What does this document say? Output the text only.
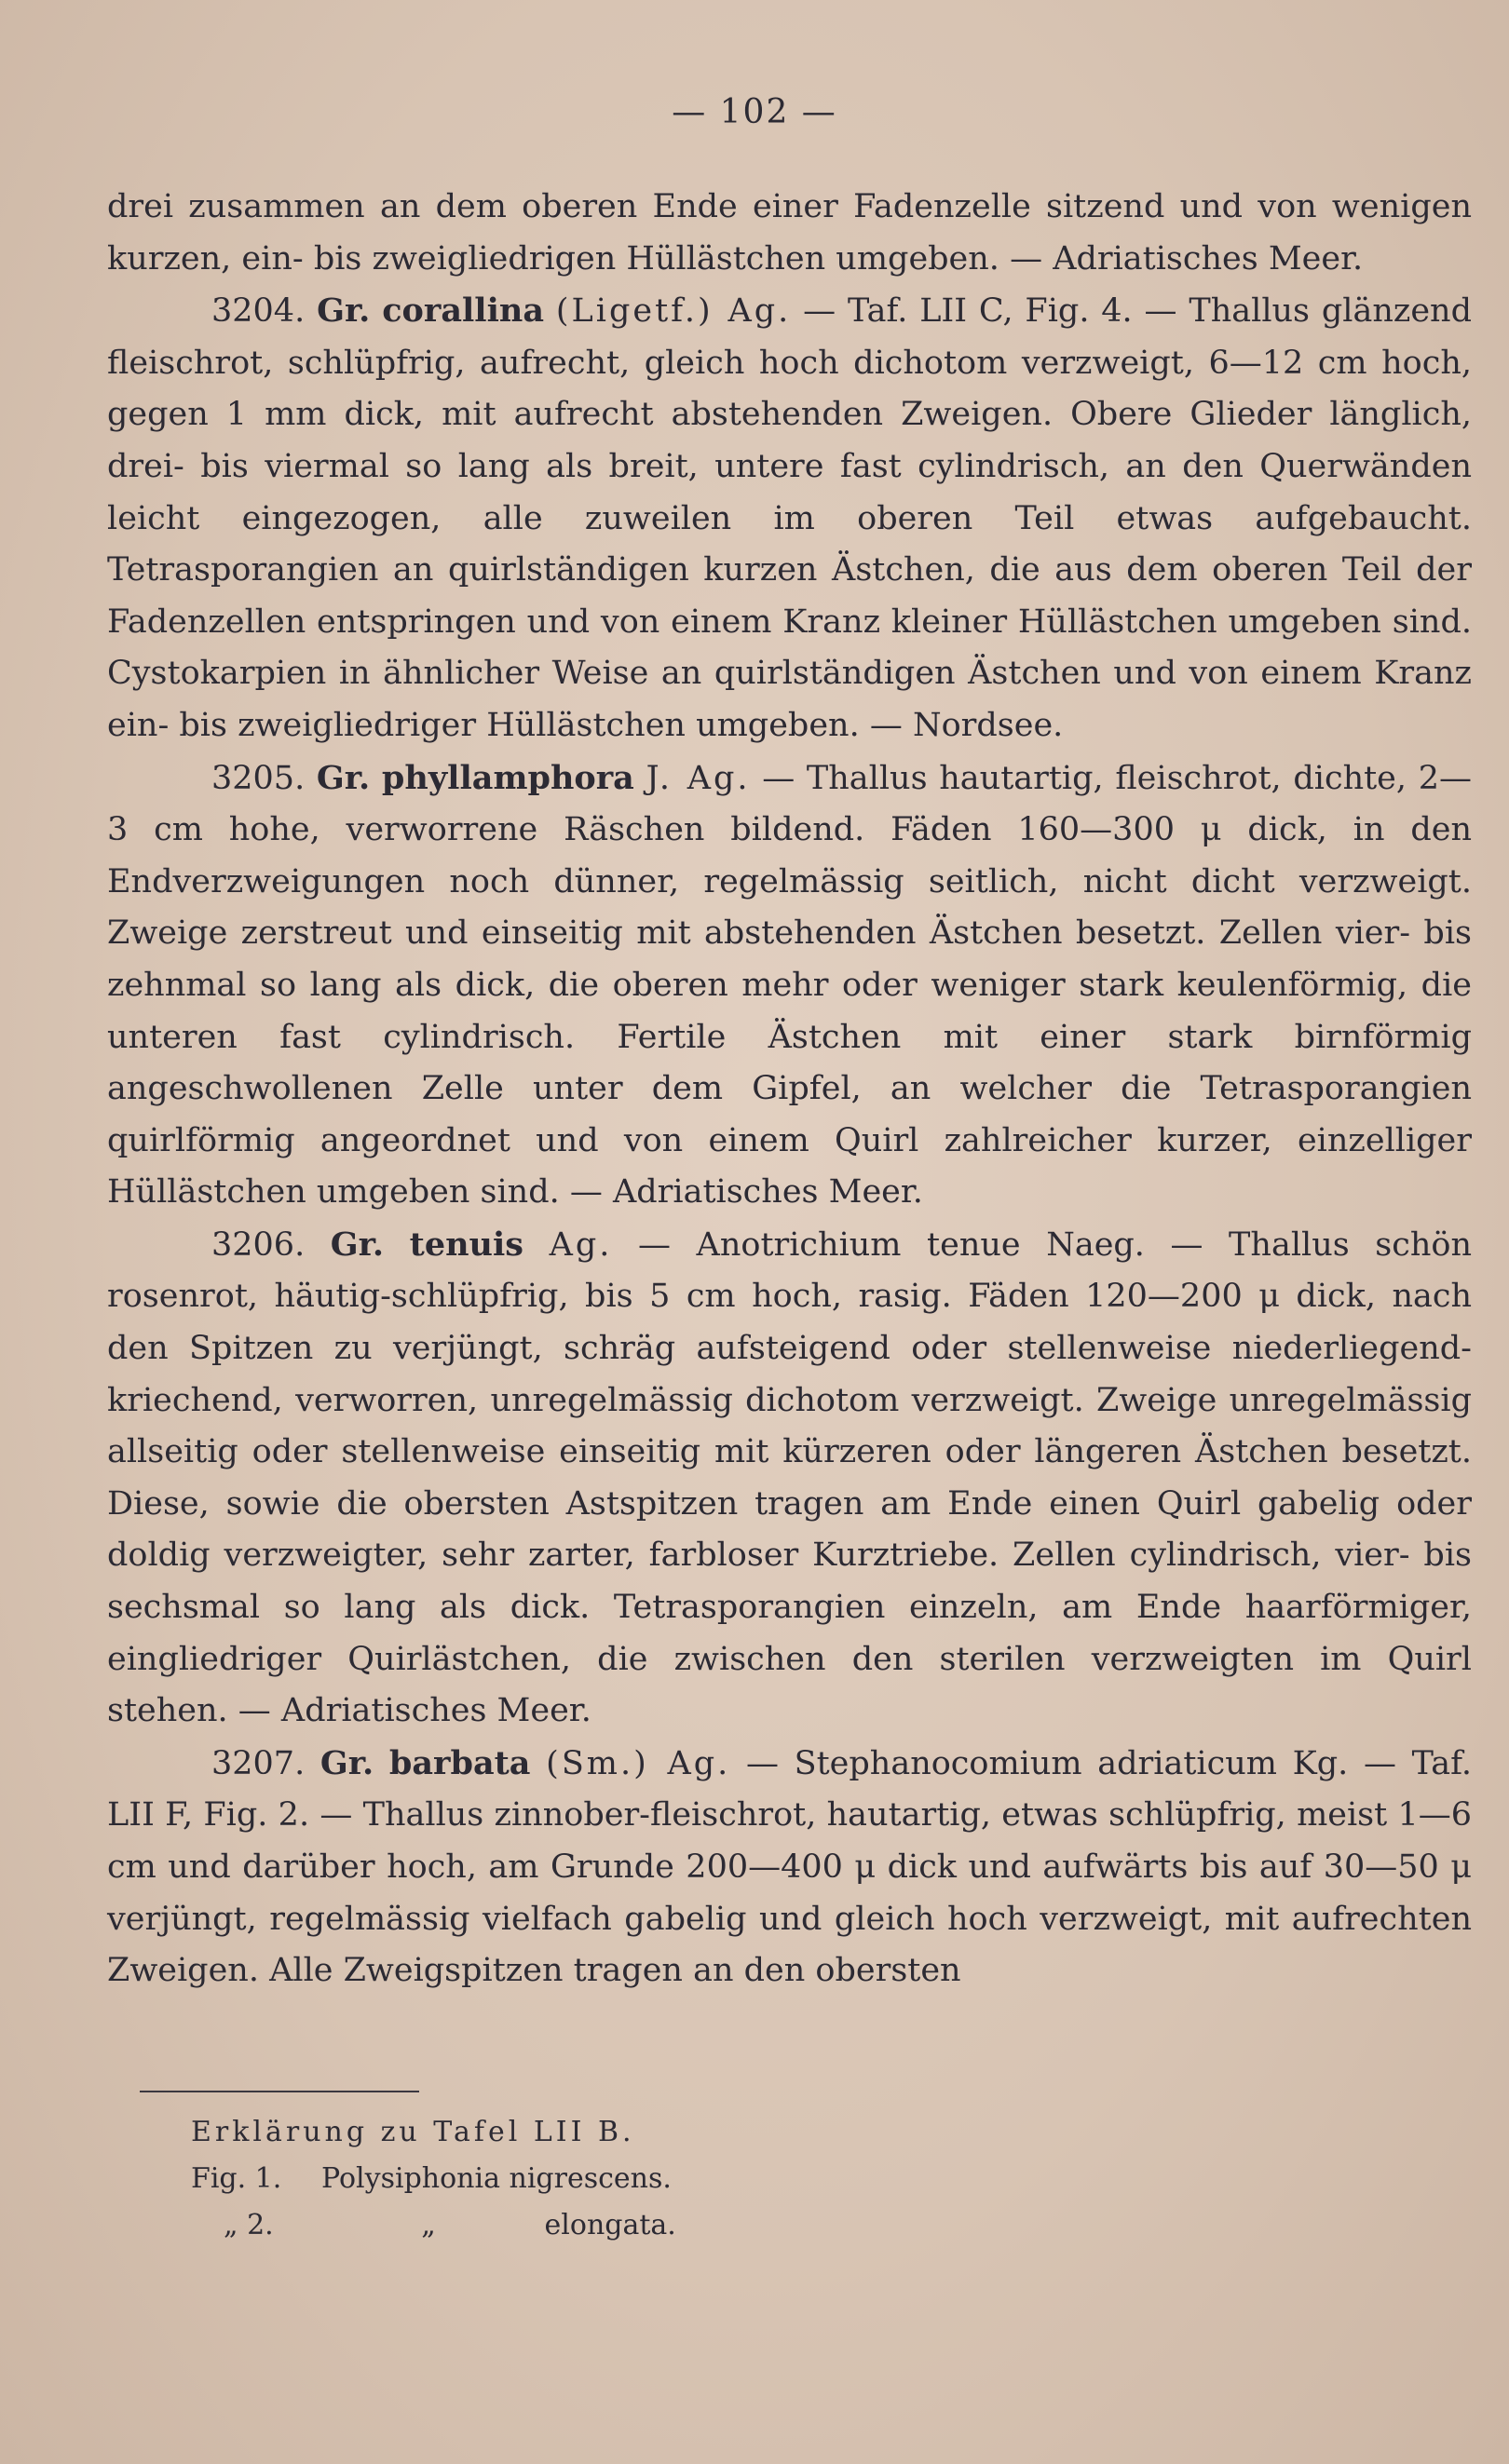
— 102 —

drei zusammen an dem oberen Ende einer Fadenzelle sitzend und von wenigen kurzen, ein- bis zweigliedrigen Hüllästchen umgeben. — Adriatisches Meer.

3204. Gr. corallina (Ligetf.) Ag. — Taf. LII C, Fig. 4. — Thallus glänzend fleischrot, schlüpfrig, aufrecht, gleich hoch dichotom verzweigt, 6—12 cm hoch, gegen 1 mm dick, mit aufrecht abstehenden Zweigen. Obere Glieder länglich, drei- bis viermal so lang als breit, untere fast cylindrisch, an den Querwänden leicht eingezogen, alle zuweilen im oberen Teil etwas aufgebaucht. Tetrasporangien an quirlständigen kurzen Ästchen, die aus dem oberen Teil der Fadenzellen entspringen und von einem Kranz kleiner Hüllästchen umgeben sind. Cystokarpien in ähnlicher Weise an quirlständigen Ästchen und von einem Kranz ein- bis zweigliedriger Hüllästchen umgeben. — Nordsee.

3205. Gr. phyllamphora J. Ag. — Thallus hautartig, fleischrot, dichte, 2—3 cm hohe, verworrene Räschen bildend. Fäden 160—300 μ dick, in den Endverzweigungen noch dünner, regelmässig seitlich, nicht dicht verzweigt. Zweige zerstreut und einseitig mit abstehenden Ästchen besetzt. Zellen vier- bis zehnmal so lang als dick, die oberen mehr oder weniger stark keulenförmig, die unteren fast cylindrisch. Fertile Ästchen mit einer stark birnförmig angeschwollenen Zelle unter dem Gipfel, an welcher die Tetrasporangien quirlförmig angeordnet und von einem Quirl zahlreicher kurzer, einzelliger Hüllästchen umgeben sind. — Adriatisches Meer.

3206. Gr. tenuis Ag. — Anotrichium tenue Naeg. — Thallus schön rosenrot, häutig-schlüpfrig, bis 5 cm hoch, rasig. Fäden 120—200 μ dick, nach den Spitzen zu verjüngt, schräg aufsteigend oder stellenweise niederliegend-kriechend, verworren, unregelmässig dichotom verzweigt. Zweige unregelmässig allseitig oder stellenweise einseitig mit kürzeren oder längeren Ästchen besetzt. Diese, sowie die obersten Astspitzen tragen am Ende einen Quirl gabelig oder doldig verzweigter, sehr zarter, farbloser Kurztriebe. Zellen cylindrisch, vier- bis sechsmal so lang als dick. Tetrasporangien einzeln, am Ende haarförmiger, eingliedriger Quirlästchen, die zwischen den sterilen verzweigten im Quirl stehen. — Adriatisches Meer.

3207. Gr. barbata (Sm.) Ag. — Stephanocomium adriaticum Kg. — Taf. LII F, Fig. 2. — Thallus zinnober-fleischrot, hautartig, etwas schlüpfrig, meist 1—6 cm und darüber hoch, am Grunde 200—400 μ dick und aufwärts bis auf 30—50 μ verjüngt, regelmässig vielfach gabelig und gleich hoch verzweigt, mit aufrechten Zweigen. Alle Zweigspitzen tragen an den obersten

Erklärung zu Tafel LII B.
Fig. 1. Polysiphonia nigrescens.
„ 2.	„	elongata.
